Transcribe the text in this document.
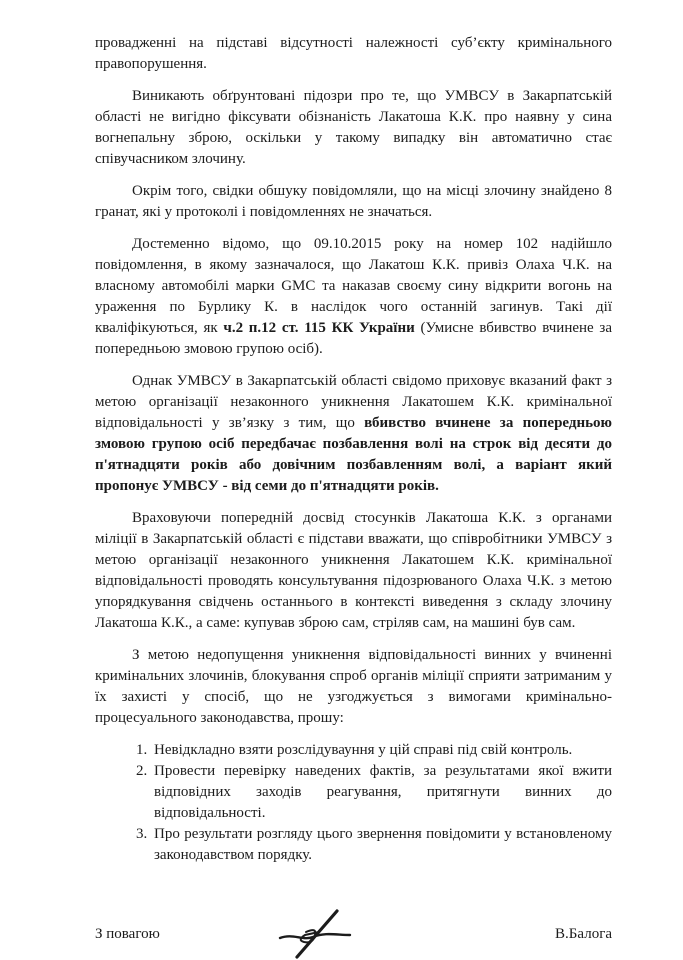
провадженні на підставі відсутності належності суб’єкту кримінального правопорушення.

Виникають обґрунтовані підозри про те, що УМВСУ в Закарпатській області не вигідно фіксувати обізнаність Лакатоша К.К. про наявну у сина вогнепальну зброю, оскільки у такому випадку він автоматично стає співучасником злочину.

Окрім того, свідки обшуку повідомляли, що на місці злочину знайдено 8 гранат, які у протоколі і повідомленнях не значаться.

Достеменно відомо, що 09.10.2015 року на номер 102 надійшло повідомлення, в якому зазначалося, що Лакатош К.К. привіз Олаха Ч.К. на власному автомобілі марки GMC та наказав своєму сину відкрити вогонь на ураження по Бурлику К. в наслідок чого останній загинув. Такі дії кваліфікуються, як ч.2 п.12 ст. 115 КК України (Умисне вбивство вчинене за попередньою змовою групою осіб).

Однак УМВСУ в Закарпатській області свідомо приховує вказаний факт з метою організації незаконного уникнення Лакатошем К.К. кримінальної відповідальності у зв’язку з тим, що вбивство вчинене за попередньою змовою групою осіб передбачає позбавлення волі на строк від десяти до п'ятнадцяти років або довічним позбавленням волі, а варіант який пропонує УМВСУ - від семи до п'ятнадцяти років.

Враховуючи попередній досвід стосунків Лакатоша К.К. з органами міліції в Закарпатській області є підстави вважати, що співробітники УМВСУ з метою організації незаконного уникнення Лакатошем К.К. кримінальної відповідальності проводять консультування підозрюваного Олаха Ч.К. з метою упорядкування свідчень останнього в контексті виведення з складу злочину Лакатоша К.К., а саме: купував зброю сам, стріляв сам, на машині був сам.

З метою недопущення уникнення відповідальності винних у вчиненні кримінальних злочинів, блокування спроб органів міліції сприяти затриманим у їх захисті у спосіб, що не узгоджується з вимогами кримінально-процесуального законодавства, прошу:

1. Невідкладно взяти розслідувауння у цій справі під свій контроль.
2. Провести перевірку наведених фактів, за результатами якої вжити відповідних заходів реагування, притягнути винних до відповідальності.
3. Про результати розгляду цього звернення повідомити у встановленому законодавством порядку.
З повагою	В.Балога
